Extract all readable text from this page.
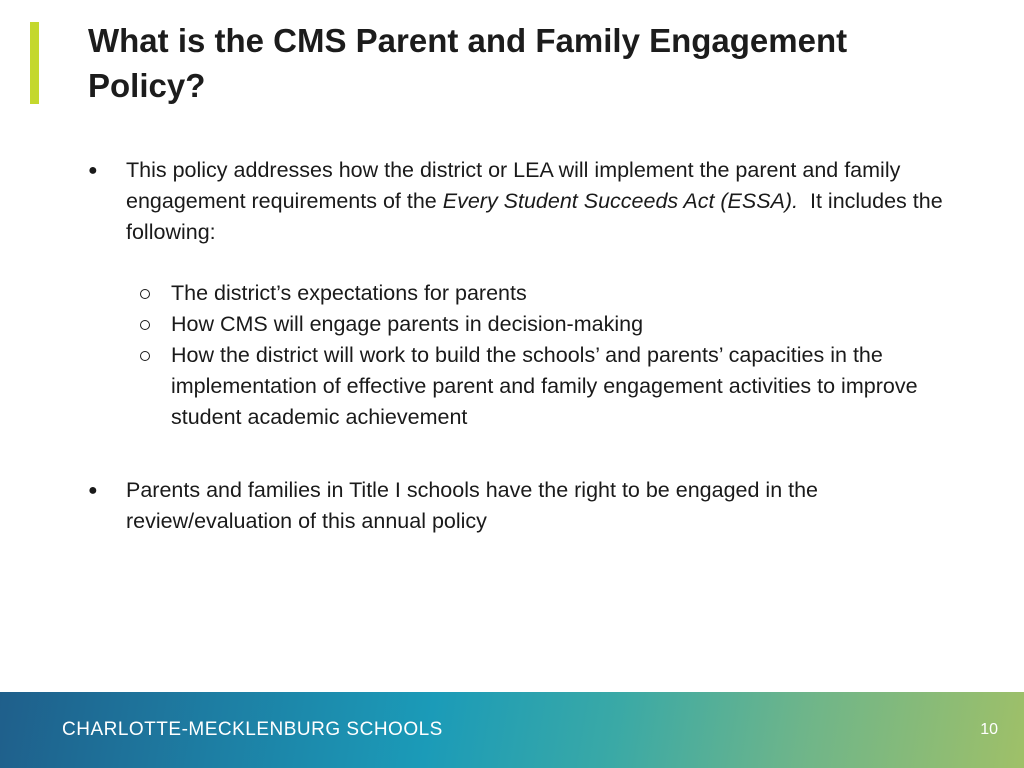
What is the CMS Parent and Family Engagement Policy?
●	This policy addresses how the district or LEA will implement the parent and family engagement requirements of the Every Student Succeeds Act (ESSA).  It includes the following:
The district’s expectations for parents
How CMS will engage parents in decision-making
How the district will work to build the schools’ and parents’ capacities in the implementation of effective parent and family engagement activities to improve student academic achievement
●	Parents and families in Title I schools have the right to be engaged in the review/evaluation of this annual policy
CHARLOTTE-MECKLENBURG SCHOOLS	10
